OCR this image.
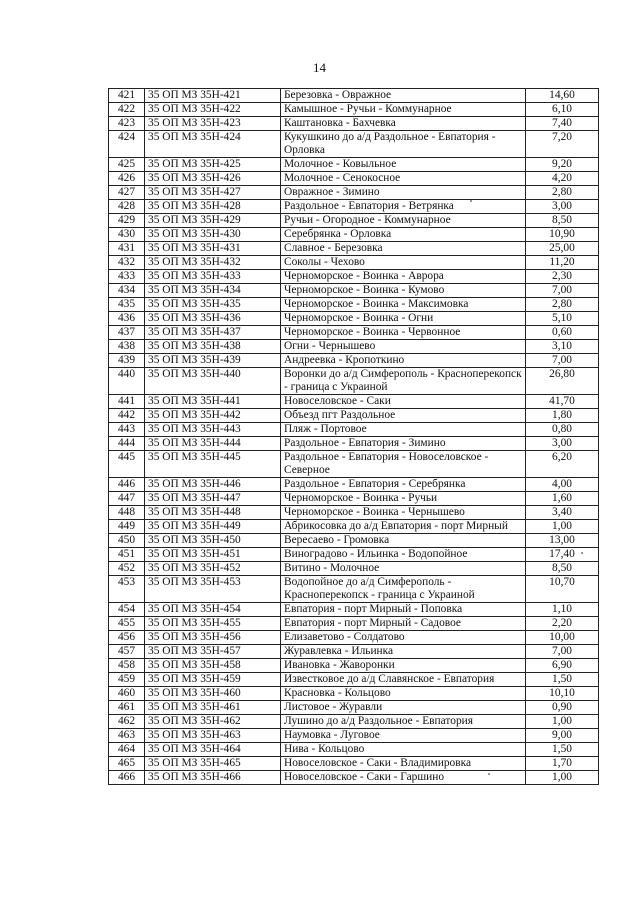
14
421	35 ОП МЗ 35Н-421	Березовка - Овражное	14,60
422	35 ОП МЗ 35Н-422	Камышное - Ручьи - Коммунарное	6,10
423	35 ОП МЗ 35Н-423	Каштановка - Бахчевка	7,40
424	35 ОП МЗ 35Н-424	Кукушкино до а/д Раздольное - Евпатория - Орловка	7,20
425	35 ОП МЗ 35Н-425	Молочное - Ковыльное	9,20
426	35 ОП МЗ 35Н-426	Молочное - Сенокосное	4,20
427	35 ОП МЗ 35Н-427	Овражное - Зимино	2,80
428	35 ОП МЗ 35Н-428	Раздольное - Евпатория - Ветрянка	3,00
429	35 ОП МЗ 35Н-429	Ручьи - Огородное - Коммунарное	8,50
430	35 ОП МЗ 35Н-430	Серебрянка - Орловка	10,90
431	35 ОП МЗ 35Н-431	Славное - Березовка	25,00
432	35 ОП МЗ 35Н-432	Соколы - Чехово	11,20
433	35 ОП МЗ 35Н-433	Черноморское - Воинка - Аврора	2,30
434	35 ОП МЗ 35Н-434	Черноморское - Воинка - Кумово	7,00
435	35 ОП МЗ 35Н-435	Черноморское - Воинка - Максимовка	2,80
436	35 ОП МЗ 35Н-436	Черноморское - Воинка - Огни	5,10
437	35 ОП МЗ 35Н-437	Черноморское - Воинка - Червонное	0,60
438	35 ОП МЗ 35Н-438	Огни - Чернышево	3,10
439	35 ОП МЗ 35Н-439	Андреевка - Кропоткино	7,00
440	35 ОП МЗ 35Н-440	Воронки до а/д Симферополь - Красноперекопск - граница с Украиной	26,80
441	35 ОП МЗ 35Н-441	Новоселовское - Саки	41,70
442	35 ОП МЗ 35Н-442	Объезд пгт Раздольное	1,80
443	35 ОП МЗ 35Н-443	Пляж - Портовое	0,80
444	35 ОП МЗ 35Н-444	Раздольное - Евпатория - Зимино	3,00
445	35 ОП МЗ 35Н-445	Раздольное - Евпатория - Новоселовское - Северное	6,20
446	35 ОП МЗ 35Н-446	Раздольное - Евпатория - Серебрянка	4,00
447	35 ОП МЗ 35Н-447	Черноморское - Воинка - Ручьи	1,60
448	35 ОП МЗ 35Н-448	Черноморское - Воинка - Чернышево	3,40
449	35 ОП МЗ 35Н-449	Абрикосовка до а/д Евпатория - порт Мирный	1,00
450	35 ОП МЗ 35Н-450	Вересаево - Громовка	13,00
451	35 ОП МЗ 35Н-451	Виноградово - Ильинка - Водопойное	17,40
452	35 ОП МЗ 35Н-452	Витино - Молочное	8,50
453	35 ОП МЗ 35Н-453	Водопойное до а/д Симферополь - Красноперекопск - граница с Украиной	10,70
454	35 ОП МЗ 35Н-454	Евпатория - порт Мирный - Поповка	1,10
455	35 ОП МЗ 35Н-455	Евпатория - порт Мирный - Садовое	2,20
456	35 ОП МЗ 35Н-456	Елизаветово - Солдатово	10,00
457	35 ОП МЗ 35Н-457	Журавлевка - Ильинка	7,00
458	35 ОП МЗ 35Н-458	Ивановка - Жаворонки	6,90
459	35 ОП МЗ 35Н-459	Известковое до а/д Славянское - Евпатория	1,50
460	35 ОП МЗ 35Н-460	Красновка - Кольцово	10,10
461	35 ОП МЗ 35Н-461	Листовое - Журавли	0,90
462	35 ОП МЗ 35Н-462	Лушино до а/д Раздольное - Евпатория	1,00
463	35 ОП МЗ 35Н-463	Наумовка - Луговое	9,00
464	35 ОП МЗ 35Н-464	Нива - Кольцово	1,50
465	35 ОП МЗ 35Н-465	Новоселовское - Саки - Владимировка	1,70
466	35 ОП МЗ 35Н-466	Новоселовское - Саки - Гаршино	1,00
